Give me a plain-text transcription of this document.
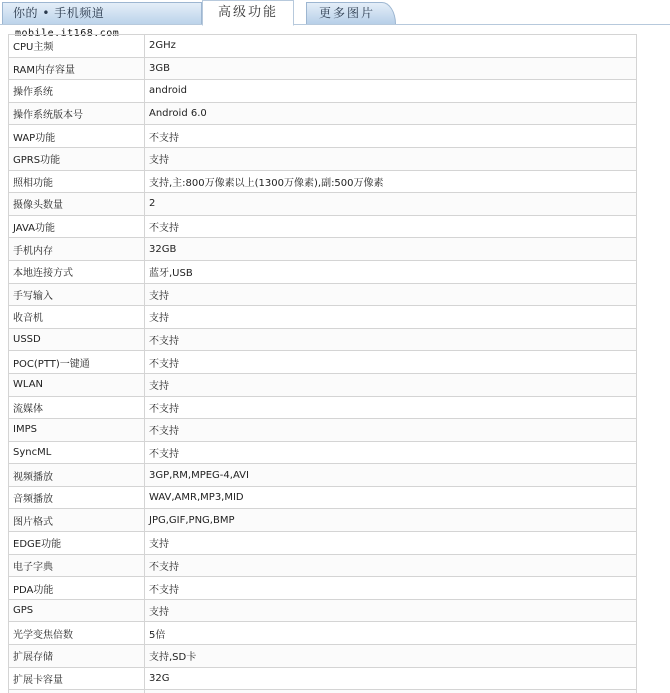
你的 • 手机频道 mobile.it168.com
高级功能	更多图片
CPU主频	2GHz
RAM内存容量	3GB
操作系统	android
操作系统版本号	Android 6.0
WAP功能	不支持
GPRS功能	支持
照相功能	支持,主:800万像素以上(1300万像素),副:500万像素
摄像头数量	2
JAVA功能	不支持
手机内存	32GB
本地连接方式	蓝牙,USB
手写输入	支持
收音机	支持
USSD	不支持
POC(PTT)一键通	不支持
WLAN	支持
流媒体	不支持
IMPS	不支持
SyncML	不支持
视频播放	3GP,RM,MPEG-4,AVI
音频播放	WAV,AMR,MP3,MID
图片格式	JPG,GIF,PNG,BMP
EDGE功能	支持
电子字典	不支持
PDA功能	不支持
GPS	支持
光学变焦倍数	5倍
扩展存储	支持,SD卡
扩展卡容量	32G
